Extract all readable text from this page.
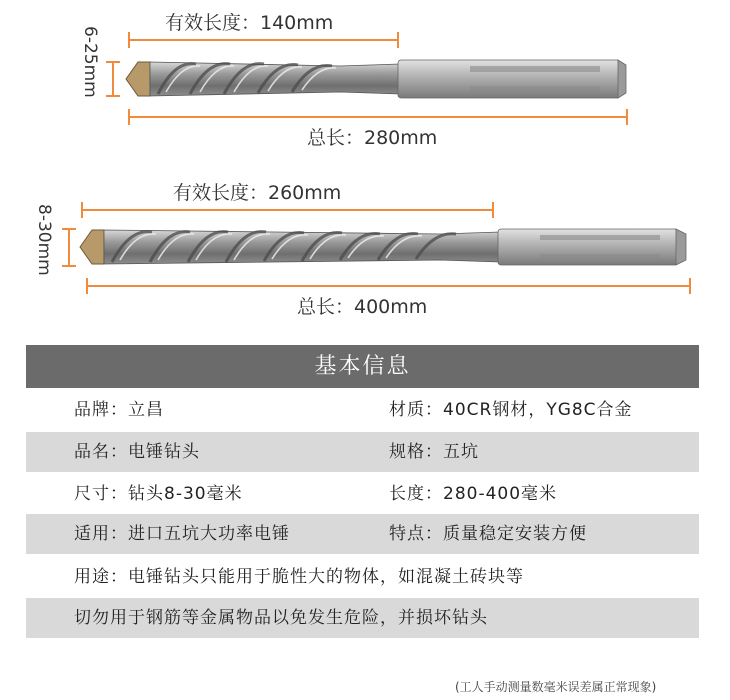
有效长度：140mm
6-25mm
总长：280mm
有效长度：260mm
8-30mm
总长：400mm
基本信息
品牌：立昌	材质：40CR钢材，YG8C合金
品名：电锤钻头	规格：五坑
尺寸：钻头8-30毫米	长度：280-400毫米
适用：进口五坑大功率电锤	特点：质量稳定安装方便
用途：电锤钻头只能用于脆性大的物体，如混凝土砖块等
切勿用于钢筋等金属物品以免发生危险，并损坏钻头
(工人手动测量数毫米误差属正常现象)
